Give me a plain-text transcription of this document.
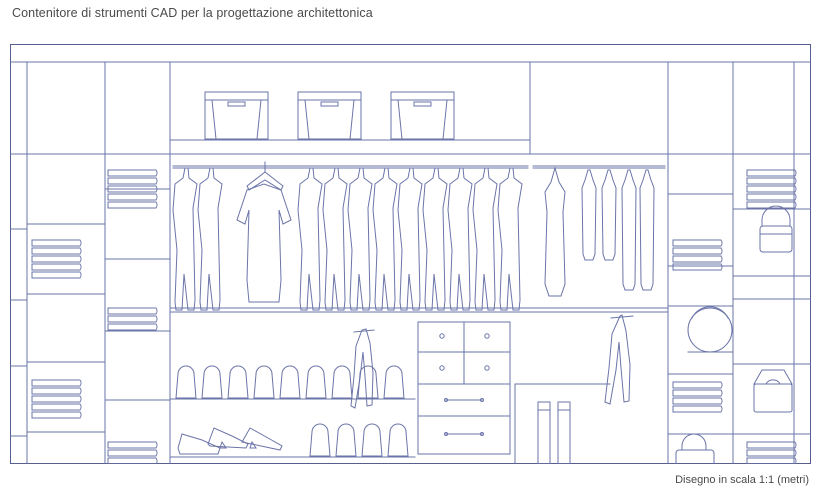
Contenitore di strumenti CAD per la progettazione architettonica
Disegno in scala 1:1 (metri)
